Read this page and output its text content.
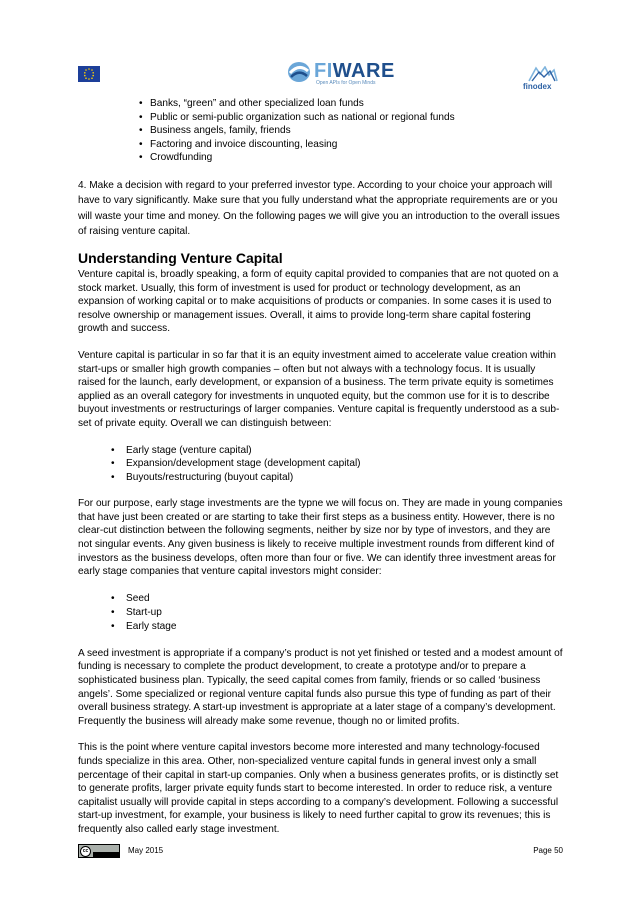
FIWARE
Open APIs for Open Minds	finodex
• Banks, “green” and other specialized loan funds
• Public or semi-public organization such as national or regional funds
• Business angels, family, friends
• Factoring and invoice discounting, leasing
• Crowdfunding

4. Make a decision with regard to your preferred investor type. According to your choice your approach will have to vary significantly. Make sure that you fully understand what the appropriate requirements are or you will waste your time and money. On the following pages we will give you an introduction to the overall issues of raising venture capital.

Understanding Venture Capital

Venture capital is, broadly speaking, a form of equity capital provided to companies that are not quoted on a stock market. Usually, this form of investment is used for product or technology development, as an expansion of working capital or to make acquisitions of products or companies. In some cases it is used to resolve ownership or management issues. Overall, it aims to provide long-term share capital fostering growth and success.

Venture capital is particular in so far that it is an equity investment aimed to accelerate value creation within start-ups or smaller high growth companies – often but not always with a technology focus. It is usually raised for the launch, early development, or expansion of a business. The term private equity is sometimes applied as an overall category for investments in unquoted equity, but the common use for it is to describe buyout investments or restructurings of larger companies. Venture capital is frequently understood as a sub-set of private equity. Overall we can distinguish between:

• Early stage (venture capital)
• Expansion/development stage (development capital)
• Buyouts/restructuring (buyout capital)

For our purpose, early stage investments are the typne we will focus on. They are made in young companies that have just been created or are starting to take their first steps as a business entity. However, there is no clear-cut distinction between the following segments, neither by size nor by type of investors, and they are not singular events. Any given business is likely to receive multiple investment rounds from different kind of investors as the business develops, often more than four or five. We can identify three investment areas for early stage companies that venture capital investors might consider:

• Seed
• Start-up
• Early stage

A seed investment is appropriate if a company’s product is not yet finished or tested and a modest amount of funding is necessary to complete the product development, to create a prototype and/or to prepare a sophisticated business plan. Typically, the seed capital comes from family, friends or so called ‘business angels’. Some specialized or regional venture capital funds also pursue this type of funding as part of their overall business strategy. A start-up investment is appropriate at a later stage of a company’s development. Frequently the business will already make some revenue, though no or limited profits.

This is the point where venture capital investors become more interested and many technology-focused funds specialize in this area. Other, non-specialized venture capital funds in general invest only a small percentage of their capital in start-up companies. Only when a business generates profits, or is distinctly set to generate profits, larger private equity funds start to become interested. In order to reduce risk, a venture capitalist usually will provide capital in steps according to a company’s development. Following a successful start-up investment, for example, your business is likely to need further capital to grow its revenues; this is frequently also called early stage investment.

cc	May 2015	Page 50
